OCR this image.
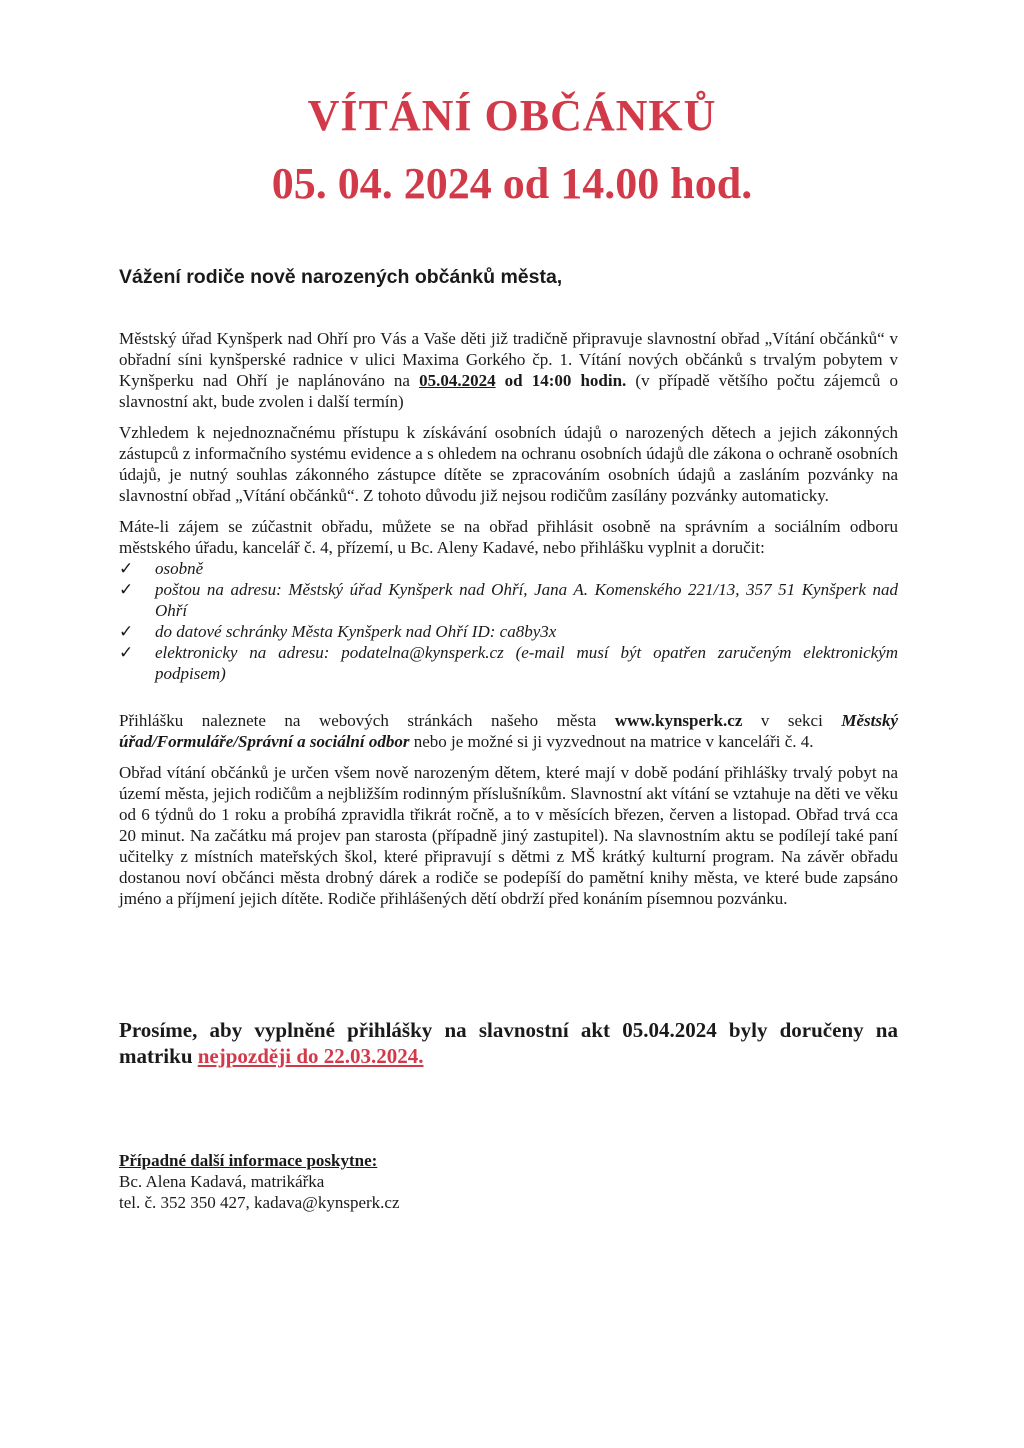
VÍTÁNÍ OBČÁNKŮ
05. 04. 2024 od 14.00 hod.
Vážení rodiče nově narozených občánků města,

Městský úřad Kynšperk nad Ohří pro Vás a Vaše děti již tradičně připravuje slavnostní obřad „Vítání občánků“ v obřadní síni kynšperské radnice v ulici Maxima Gorkého čp. 1. Vítání nových občánků s trvalým pobytem v Kynšperku nad Ohří je naplánováno na 05.04.2024 od 14:00 hodin. (v případě většího počtu zájemců o slavnostní akt, bude zvolen i další termín)

Vzhledem k nejednoznačnému přístupu k získávání osobních údajů o narozených dětech a jejich zákonných zástupců z informačního systému evidence a s ohledem na ochranu osobních údajů dle zákona o ochraně osobních údajů, je nutný souhlas zákonného zástupce dítěte se zpracováním osobních údajů a zasláním pozvánky na slavnostní obřad „Vítání občánků“. Z tohoto důvodu již nejsou rodičům zasílány pozvánky automaticky.

Máte-li zájem se zúčastnit obřadu, můžete se na obřad přihlásit osobně na správním a sociálním odboru městského úřadu, kancelář č. 4, přízemí, u Bc. Aleny Kadavé, nebo přihlášku vyplnit a doručit:

✓ osobně
✓ poštou na adresu: Městský úřad Kynšperk nad Ohří, Jana A. Komenského 221/13, 357 51 Kynšperk nad Ohří
✓ do datové schránky Města Kynšperk nad Ohří ID: ca8by3x
✓ elektronicky na adresu: podatelna@kynsperk.cz (e-mail musí být opatřen zaručeným elektronickým podpisem)

Přihlášku naleznete na webových stránkách našeho města www.kynsperk.cz v sekci Městský úřad/Formuláře/Správní a sociální odbor nebo je možné si ji vyzvednout na matrice v kanceláři č. 4.

Obřad vítání občánků je určen všem nově narozeným dětem, které mají v době podání přihlášky trvalý pobyt na území města, jejich rodičům a nejbližším rodinným příslušníkům. Slavnostní akt vítání se vztahuje na děti ve věku od 6 týdnů do 1 roku a probíhá zpravidla třikrát ročně, a to v měsících březen, červen a listopad. Obřad trvá cca 20 minut. Na začátku má projev pan starosta (případně jiný zastupitel). Na slavnostním aktu se podílejí také paní učitelky z místních mateřských škol, které připravují s dětmi z MŠ krátký kulturní program. Na závěr obřadu dostanou noví občánci města drobný dárek a rodiče se podepíší do pamětní knihy města, ve které bude zapsáno jméno a příjmení jejich dítěte. Rodiče přihlášených dětí obdrží před konáním písemnou pozvánku.

Prosíme, aby vyplněné přihlášky na slavnostní akt 05.04.2024 byly doručeny na matriku nejpozději do 22.03.2024.
Případné další informace poskytne:
Bc. Alena Kadavá, matrikářka
tel. č. 352 350 427, kadava@kynsperk.cz
